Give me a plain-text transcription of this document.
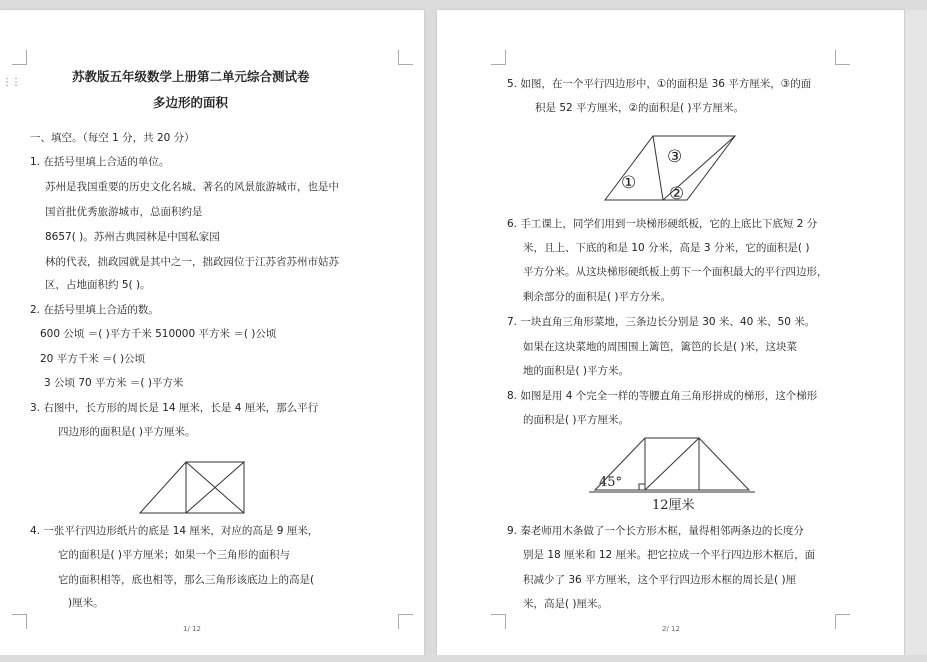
⋮⋮	苏教版五年级数学上册第二单元综合测试卷
多边形的面积
一、填空。（每空 1 分，共 20 分）
1. 在括号里填上合适的单位。
苏州是我国重要的历史文化名城、著名的风景旅游城市，也是中
国首批优秀旅游城市，总面积约是
8657( )。苏州古典园林是中国私家园
林的代表，拙政园就是其中之一，拙政园位于江苏省苏州市姑苏
区，占地面积约 5( )。
2. 在括号里填上合适的数。
600 公顷 ＝( )平方千米 510000 平方米 ＝( )公顷
20 平方千米 ＝( )公顷
3 公顷 70 平方米 ＝( )平方米
3. 右图中，长方形的周长是 14 厘米，长是 4 厘米，那么平行
四边形的面积是( )平方厘米。
4. 一张平行四边形纸片的底是 14 厘米，对应的高是 9 厘米，
它的面积是( )平方厘米；如果一个三角形的面积与
它的面积相等，底也相等，那么三角形该底边上的高是(
)厘米。
1/ 12
5. 如图，在一个平行四边形中，①的面积是 36 平方厘米，③的面
积是 52 平方厘米，②的面积是( )平方厘米。
①
②
③
6. 手工课上，同学们用到一块梯形硬纸板，它的上底比下底短 2 分
米，且上、下底的和是 10 分米，高是 3 分米，它的面积是( )
平方分米。从这块梯形硬纸板上剪下一个面积最大的平行四边形，
剩余部分的面积是( )平方分米。
7. 一块直角三角形菜地，三条边长分别是 30 米、40 米、50 米。
如果在这块菜地的周围围上篱笆，篱笆的长是( )米，这块菜
地的面积是( )平方米。
8. 如图是用 4 个完全一样的等腰直角三角形拼成的梯形，这个梯形
的面积是( )平方厘米。
45°
12厘米
9. 秦老师用木条做了一个长方形木框，量得相邻两条边的长度分
别是 18 厘米和 12 厘米。把它拉成一个平行四边形木框后，面
积减少了 36 平方厘米，这个平行四边形木框的周长是( )厘
米，高是( )厘米。
2/ 12
